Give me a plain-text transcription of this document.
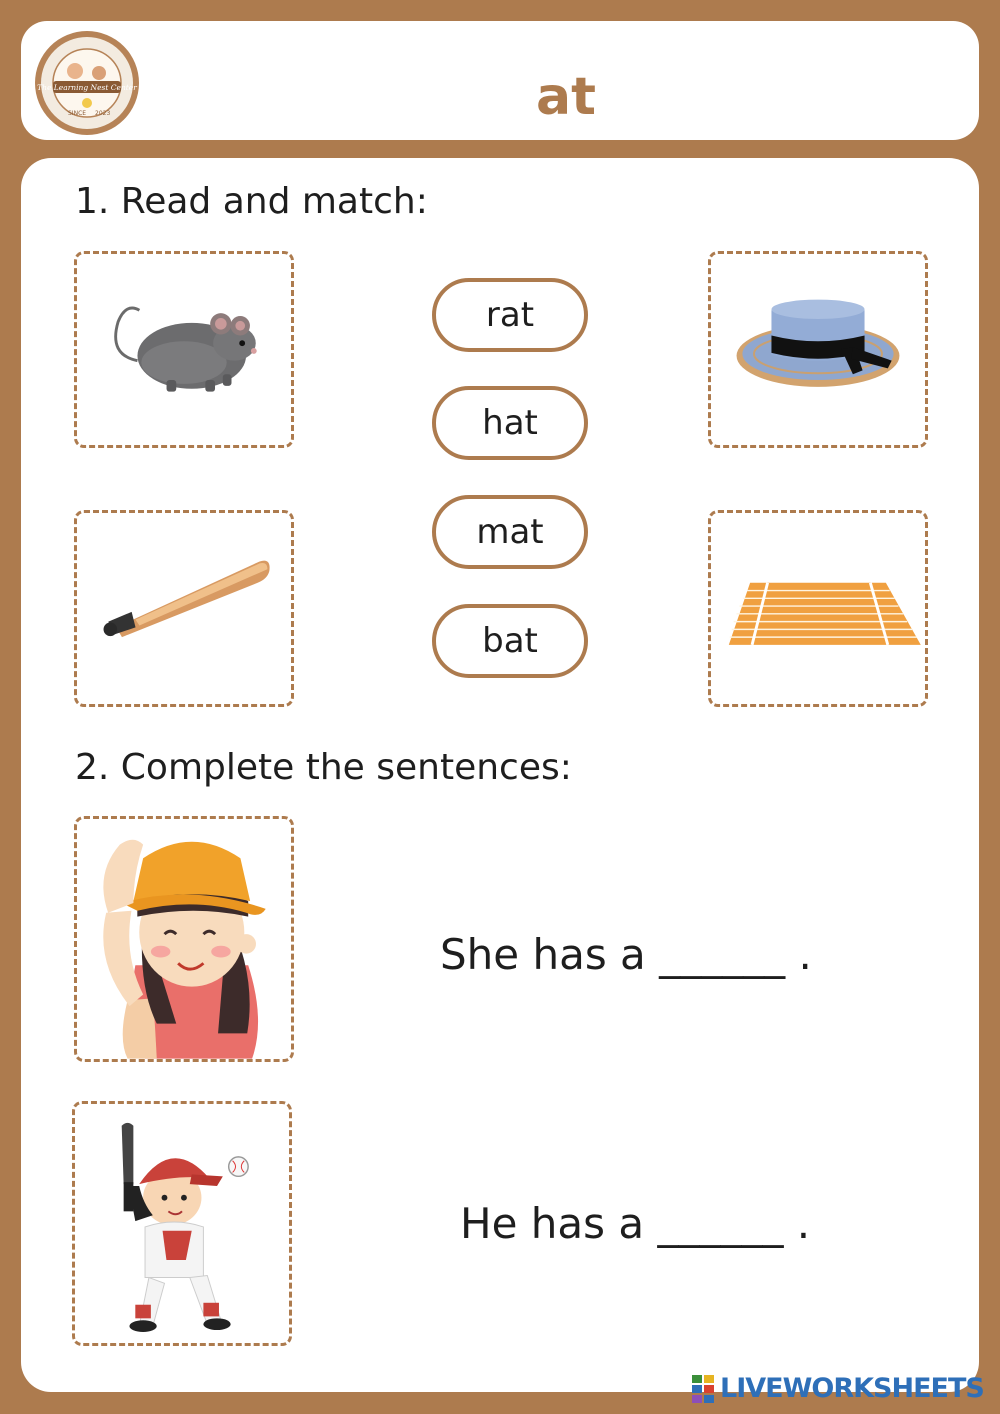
The Learning Nest Center
SINCE 2023	at
1. Read and match:
rat
hat
mat
bat
2. Complete the sentences:
She has a ______ .
He has a ______ .
LIVEWORKSHEETS
